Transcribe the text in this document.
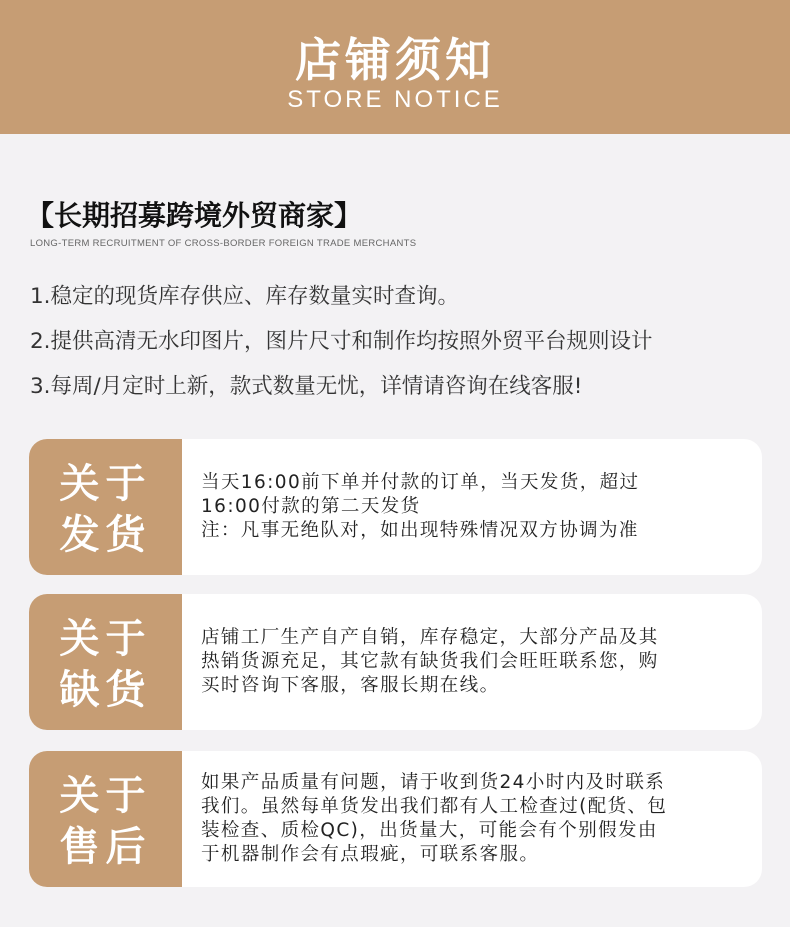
店铺须知
STORE NOTICE
【长期招募跨境外贸商家】
LONG-TERM RECRUITMENT OF CROSS-BORDER FOREIGN TRADE MERCHANTS
1.稳定的现货库存供应、库存数量实时查询。
2.提供高清无水印图片，图片尺寸和制作均按照外贸平台规则设计
3.每周/月定时上新，款式数量无忧，详情请咨询在线客服!
关于
发货

当天16:00前下单并付款的订单，当天发货，超过

16:00付款的第二天发货

注：凡事无绝队对，如出现特殊情况双方协调为准

关于
缺货

店铺工厂生产自产自销，库存稳定，大部分产品及其

热销货源充足，其它款有缺货我们会旺旺联系您，购

买时咨询下客服，客服长期在线。

关于
售后

如果产品质量有问题，请于收到货24小时内及时联系

我们。虽然每单货发出我们都有人工检查过(配货、包

装检查、质检QC)，出货量大，可能会有个别假发由

于机器制作会有点瑕疵，可联系客服。
